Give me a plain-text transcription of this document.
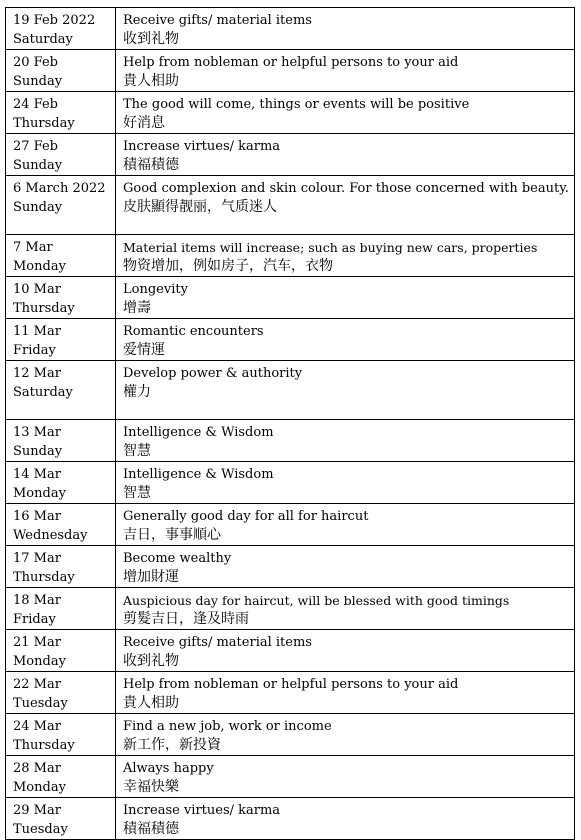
19 Feb 2022
Saturday	Receive gifts/ material items
收到礼物

20 Feb
Sunday	Help from nobleman or helpful persons to your aid
貴人相助

24 Feb
Thursday	The good will come, things or events will be positive
好消息

27 Feb
Sunday	Increase virtues/ karma
積福積德

6 March 2022
Sunday	Good complexion and skin colour. For those concerned with beauty.
皮肤顯得靓丽，气质迷人

7 Mar
Monday	Material items will increase; such as buying new cars, properties
物资增加，例如房子，汽车，衣物

10 Mar
Thursday	Longevity
增壽

11 Mar
Friday	Romantic encounters
爱情運

12 Mar
Saturday	Develop power & authority
權力

13 Mar
Sunday	Intelligence & Wisdom
智慧

14 Mar
Monday	Intelligence & Wisdom
智慧

16 Mar
Wednesday	Generally good day for all for haircut
吉日，事事順心

17 Mar
Thursday	Become wealthy
增加財運

18 Mar
Friday	Auspicious day for haircut, will be blessed with good timings
剪髮吉日，逢及時雨

21 Mar
Monday	Receive gifts/ material items
收到礼物

22 Mar
Tuesday	Help from nobleman or helpful persons to your aid
貴人相助

24 Mar
Thursday	Find a new job, work or income
新工作，新投資

28 Mar
Monday	Always happy
幸福快樂

29 Mar
Tuesday	Increase virtues/ karma
積福積德
